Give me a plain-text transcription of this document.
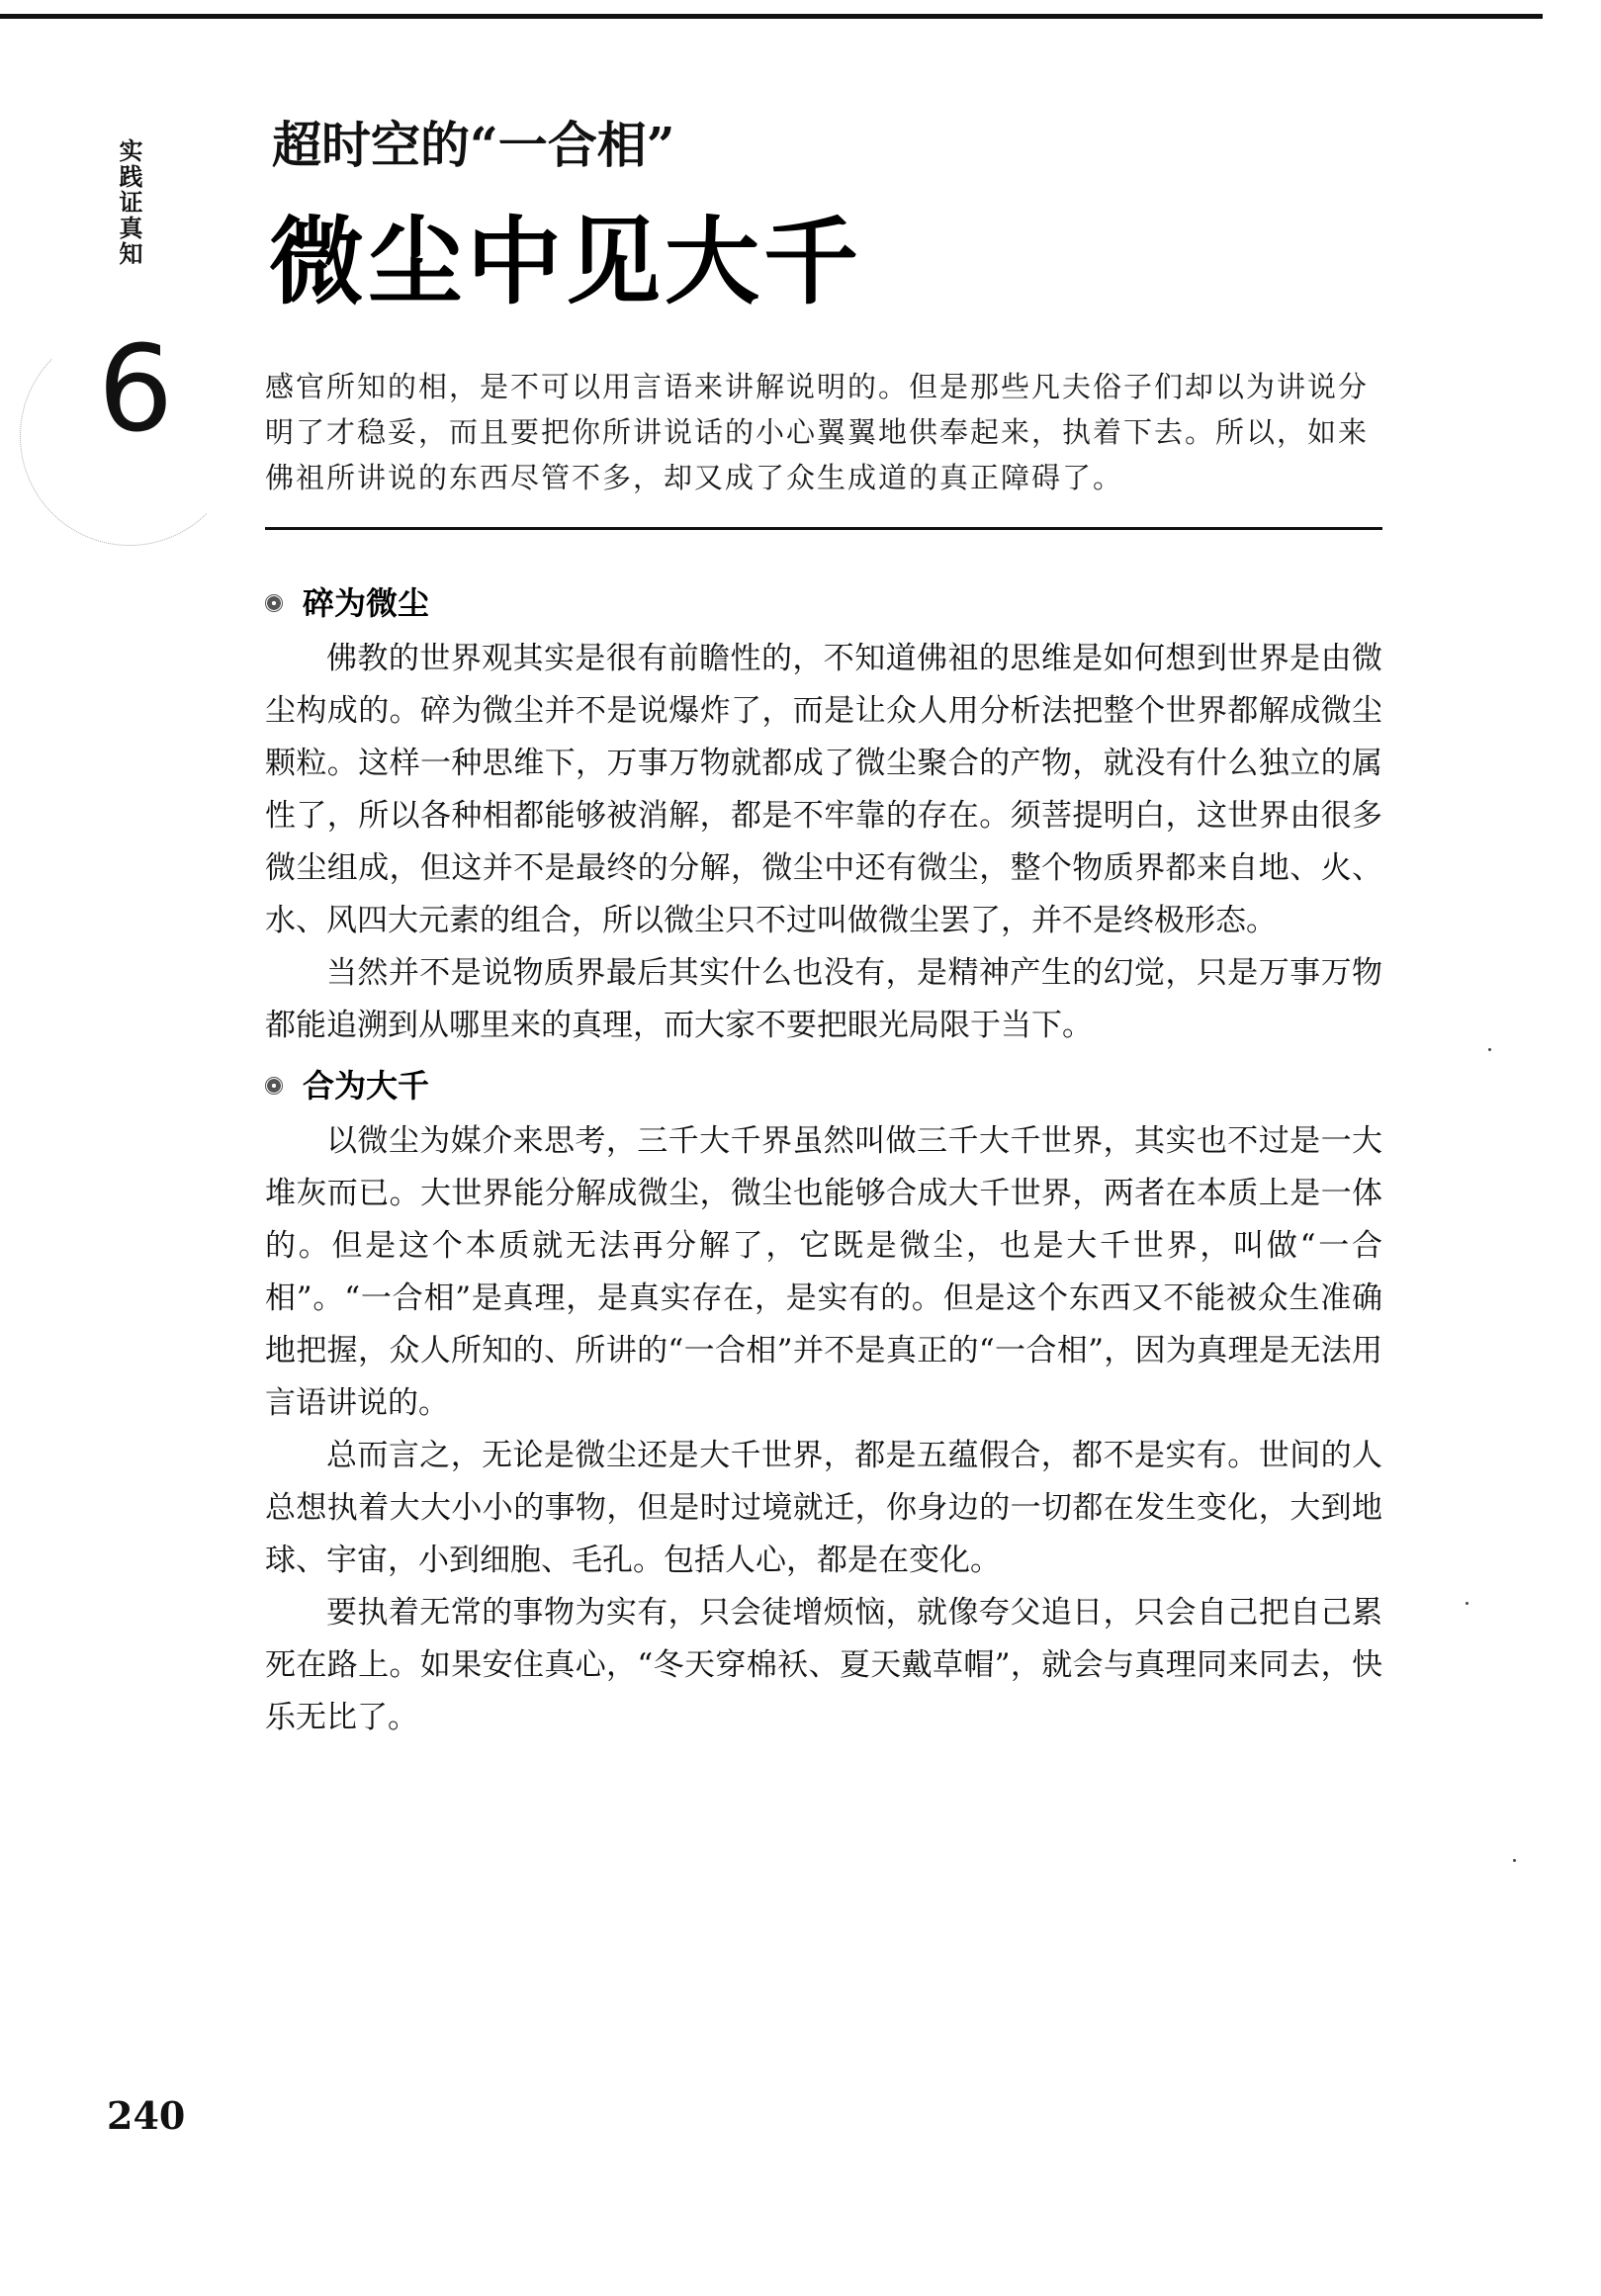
实践证真知
6
超时空的“一合相”
微尘中见大千
感官所知的相，是不可以用言语来讲解说明的。但是那些凡夫俗子们却以为讲说分明了才稳妥，而且要把你所讲说话的小心翼翼地供奉起来，执着下去。所以，如来佛祖所讲说的东西尽管不多，却又成了众生成道的真正障碍了。
碎为微尘

佛教的世界观其实是很有前瞻性的，不知道佛祖的思维是如何想到世界是由微尘构成的。碎为微尘并不是说爆炸了，而是让众人用分析法把整个世界都解成微尘颗粒。这样一种思维下，万事万物就都成了微尘聚合的产物，就没有什么独立的属性了，所以各种相都能够被消解，都是不牢靠的存在。须菩提明白，这世界由很多微尘组成，但这并不是最终的分解，微尘中还有微尘，整个物质界都来自地、火、水、风四大元素的组合，所以微尘只不过叫做微尘罢了，并不是终极形态。

当然并不是说物质界最后其实什么也没有，是精神产生的幻觉，只是万事万物都能追溯到从哪里来的真理，而大家不要把眼光局限于当下。

合为大千

以微尘为媒介来思考，三千大千界虽然叫做三千大千世界，其实也不过是一大堆灰而已。大世界能分解成微尘，微尘也能够合成大千世界，两者在本质上是一体的。但是这个本质就无法再分解了，它既是微尘，也是大千世界，叫做“一合相”。“一合相”是真理，是真实存在，是实有的。但是这个东西又不能被众生准确地把握，众人所知的、所讲的“一合相”并不是真正的“一合相”，因为真理是无法用言语讲说的。

总而言之，无论是微尘还是大千世界，都是五蕴假合，都不是实有。世间的人总想执着大大小小的事物，但是时过境就迁，你身边的一切都在发生变化，大到地球、宇宙，小到细胞、毛孔。包括人心，都是在变化。

要执着无常的事物为实有，只会徒增烦恼，就像夸父追日，只会自己把自己累死在路上。如果安住真心，“冬天穿棉袄、夏天戴草帽”，就会与真理同来同去，快乐无比了。

240
